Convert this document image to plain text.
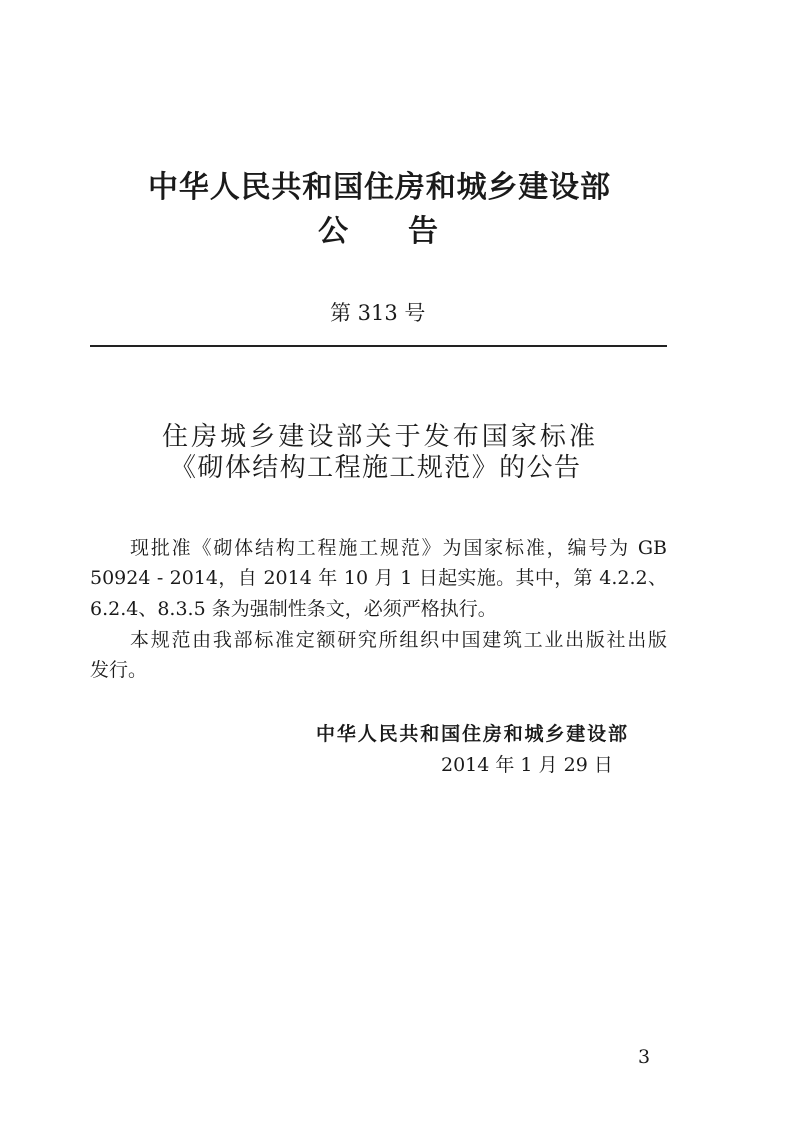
中华人民共和国住房和城乡建设部
公　告
第 313 号
住房城乡建设部关于发布国家标准
《砌体结构工程施工规范》的公告
现批准《砌体结构工程施工规范》为国家标准，编号为 GB
50924 - 2014，自 2014 年 10 月 1 日起实施。其中，第 4.2.2、
6.2.4、8.3.5 条为强制性条文，必须严格执行。
本规范由我部标准定额研究所组织中国建筑工业出版社出版
发行。
中华人民共和国住房和城乡建设部
2014 年 1 月 29 日
3
